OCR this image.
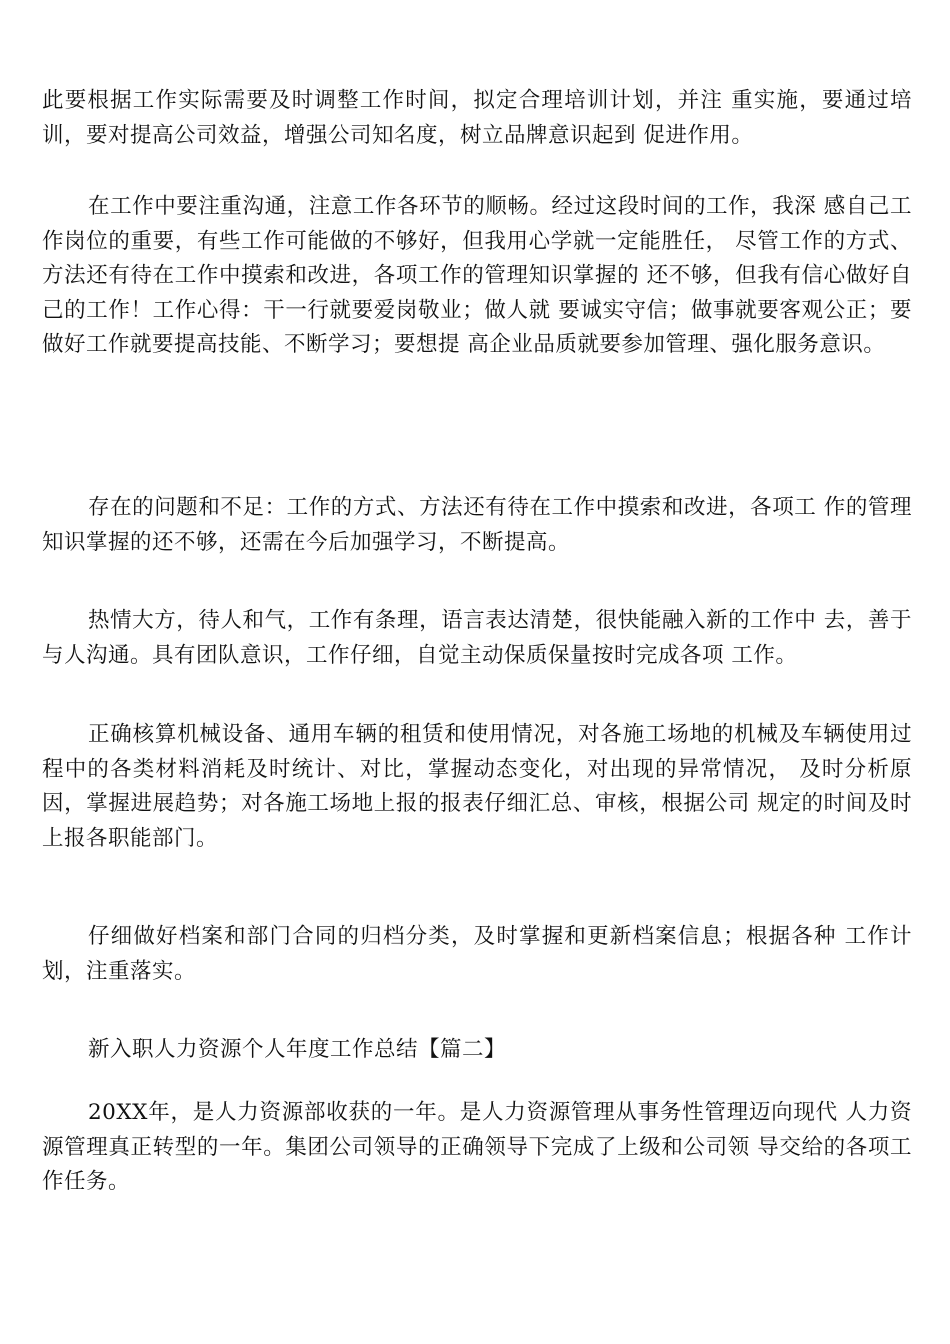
此要根据工作实际需要及时调整工作时间，拟定合理培训计划，并注 重实施，要通过培训，要对提高公司效益，增强公司知名度，树立品牌意识起到 促进作用。

在工作中要注重沟通，注意工作各环节的顺畅。经过这段时间的工作，我深 感自己工作岗位的重要，有些工作可能做的不够好，但我用心学就一定能胜任， 尽管工作的方式、方法还有待在工作中摸索和改进，各项工作的管理知识掌握的 还不够，但我有信心做好自己的工作！工作心得：干一行就要爱岗敬业；做人就 要诚实守信；做事就要客观公正；要做好工作就要提高技能、不断学习；要想提 高企业品质就要参加管理、强化服务意识。

存在的问题和不足：工作的方式、方法还有待在工作中摸索和改进，各项工 作的管理知识掌握的还不够，还需在今后加强学习，不断提高。

热情大方，待人和气，工作有条理，语言表达清楚，很快能融入新的工作中 去，善于与人沟通。具有团队意识，工作仔细，自觉主动保质保量按时完成各项 工作。

正确核算机械设备、通用车辆的租赁和使用情况，对各施工场地的机械及车辆使用过程中的各类材料消耗及时统计、对比，掌握动态变化，对出现的异常情况， 及时分析原因，掌握进展趋势；对各施工场地上报的报表仔细汇总、审核，根据公司 规定的时间及时上报各职能部门。

仔细做好档案和部门合同的归档分类，及时掌握和更新档案信息；根据各种 工作计划，注重落实。

新入职人力资源个人年度工作总结【篇二】

20XX年，是人力资源部收获的一年。是人力资源管理从事务性管理迈向现代 人力资源管理真正转型的一年。集团公司领导的正确领导下完成了上级和公司领 导交给的各项工作任务。
